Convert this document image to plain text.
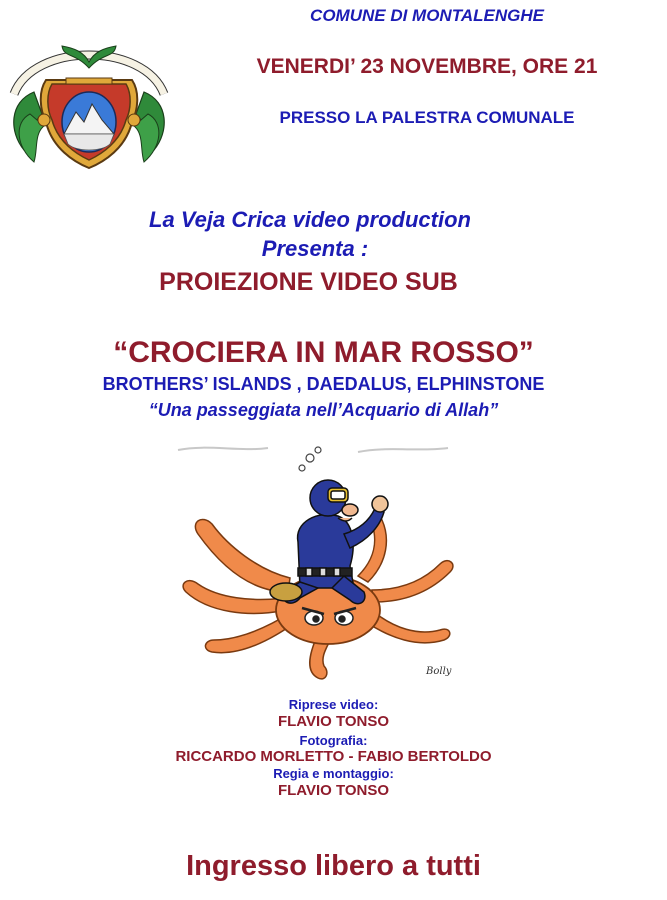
COMUNE DI MONTALENGHE
VENERDI’ 23 NOVEMBRE, ORE 21
PRESSO LA PALESTRA COMUNALE
La Veja Crica video production
Presenta :
PROIEZIONE VIDEO SUB
“CROCIERA IN MAR ROSSO”
BROTHERS’ ISLANDS , DAEDALUS, ELPHINSTONE
“Una passeggiata nell’Acquario di Allah”
Bolly
Riprese video:
FLAVIO TONSO
Fotografia:
RICCARDO MORLETTO - FABIO BERTOLDO
Regia e montaggio:
FLAVIO TONSO
Ingresso libero a tutti
